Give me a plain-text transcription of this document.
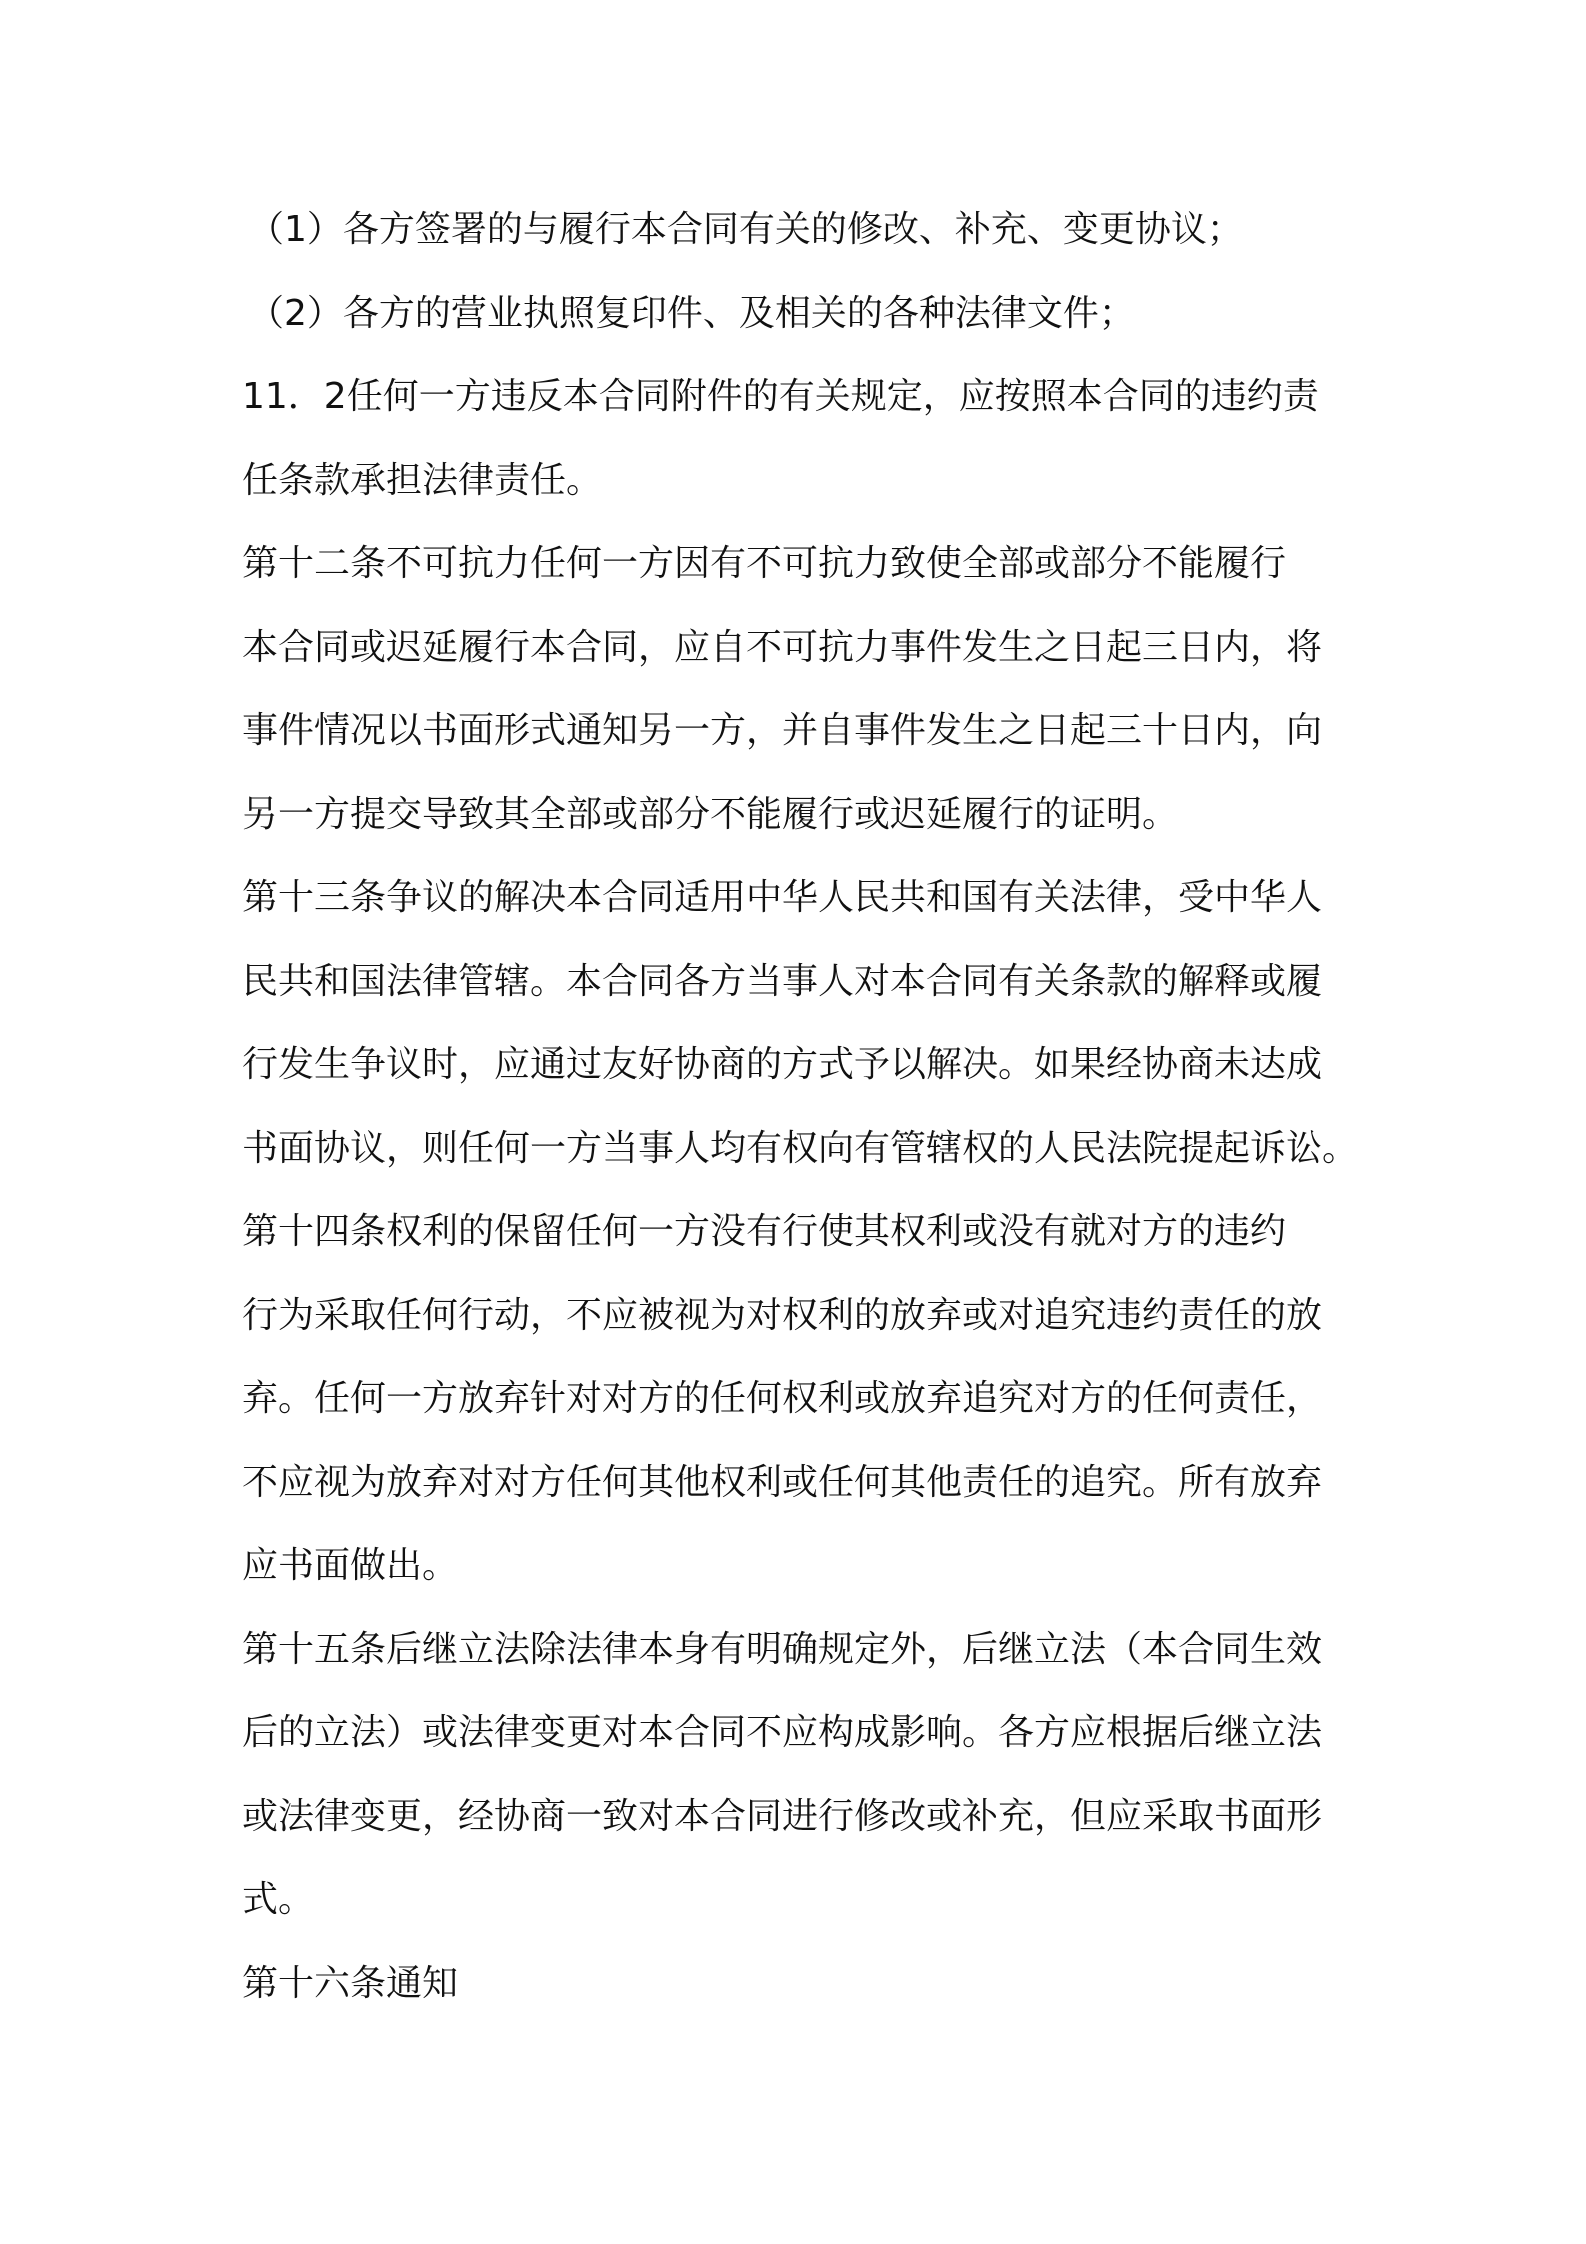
（1）各方签署的与履行本合同有关的修改、补充、变更协议；

（2）各方的营业执照复印件、及相关的各种法律文件；

11．2任何一方违反本合同附件的有关规定，应按照本合同的违约责

任条款承担法律责任。

第十二条不可抗力任何一方因有不可抗力致使全部或部分不能履行

本合同或迟延履行本合同，应自不可抗力事件发生之日起三日内，将

事件情况以书面形式通知另一方，并自事件发生之日起三十日内，向

另一方提交导致其全部或部分不能履行或迟延履行的证明。

第十三条争议的解决本合同适用中华人民共和国有关法律，受中华人

民共和国法律管辖。本合同各方当事人对本合同有关条款的解释或履

行发生争议时，应通过友好协商的方式予以解决。如果经协商未达成

书面协议，则任何一方当事人均有权向有管辖权的人民法院提起诉讼。

第十四条权利的保留任何一方没有行使其权利或没有就对方的违约

行为采取任何行动，不应被视为对权利的放弃或对追究违约责任的放

弃。任何一方放弃针对对方的任何权利或放弃追究对方的任何责任，

不应视为放弃对对方任何其他权利或任何其他责任的追究。所有放弃

应书面做出。

第十五条后继立法除法律本身有明确规定外，后继立法（本合同生效

后的立法）或法律变更对本合同不应构成影响。各方应根据后继立法

或法律变更，经协商一致对本合同进行修改或补充，但应采取书面形

式。

第十六条通知
